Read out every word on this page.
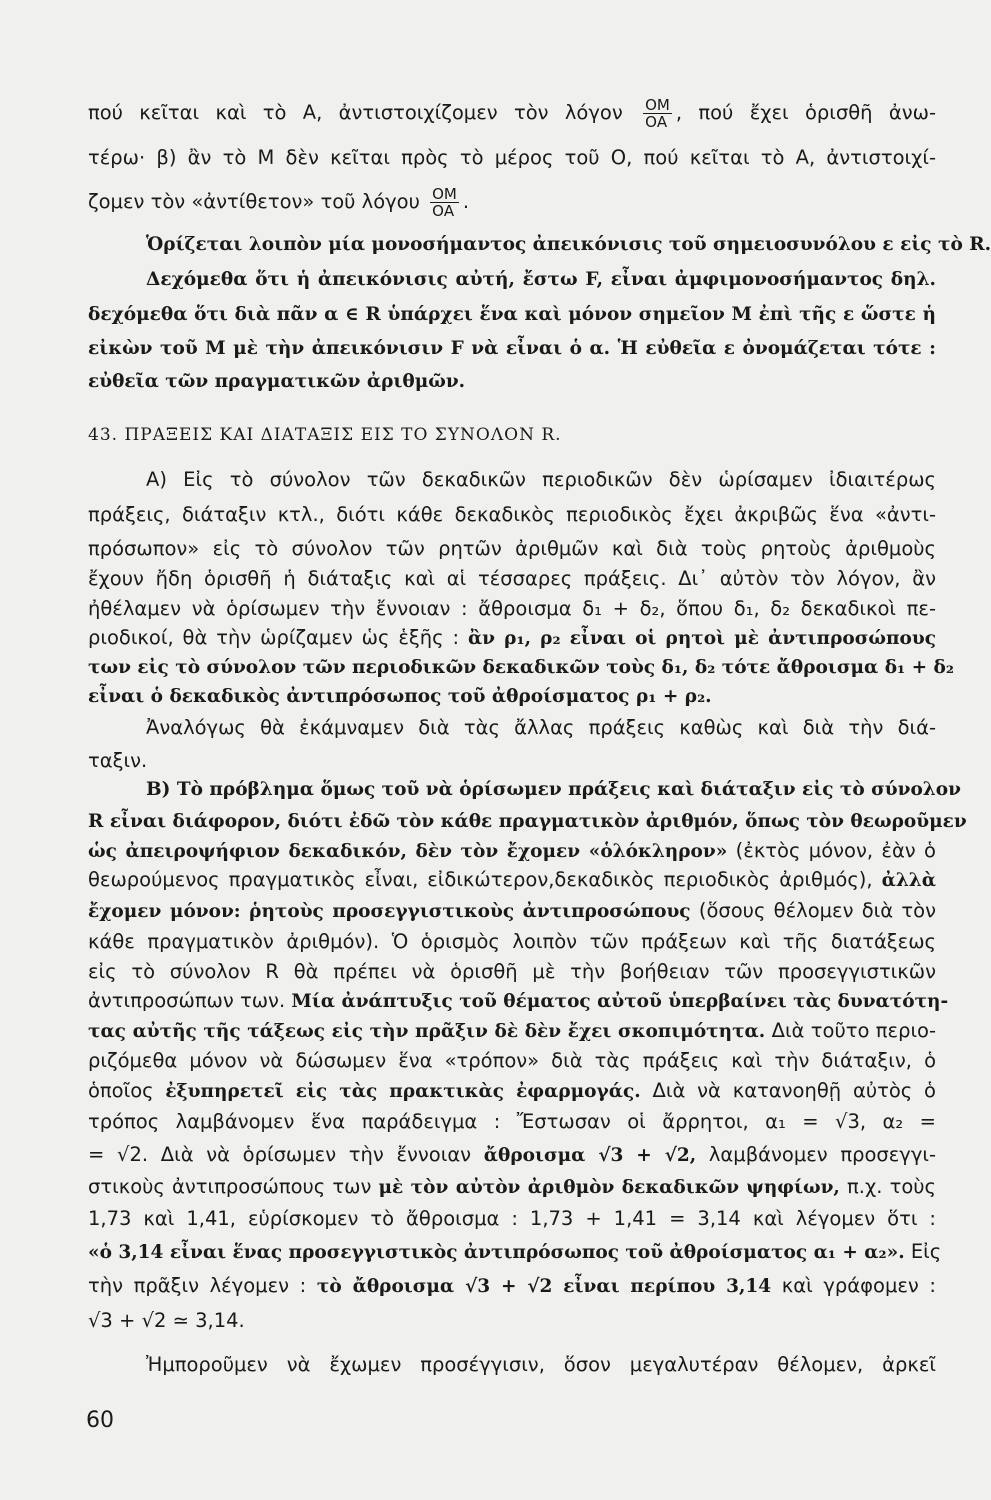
πού κεῖται καὶ τὸ Α, ἀντιστοιχίζομεν τὸν λόγον $\frac{OM}{OA}$ , πού ἔχει ὁρισθῆ ἀνω-
τέρω· β) ἂν τὸ Μ δὲν κεῖται πρὸς τὸ μέρος τοῦ Ο, πού κεῖται τὸ Α, ἀντιστοιχί-
ζομεν τὸν «ἀντίθετον» τοῦ λόγου $\frac{OM}{OA}$ .
Ὁρίζεται λοιπὸν μία μονοσήμαντος ἀπεικόνισις τοῦ σημειοσυνόλου ε εἰς τὸ R.
Δεχόμεθα ὅτι ἡ ἀπεικόνισις αὐτή, ἔστω F, εἶναι ἀμφιμονοσήμαντος δηλ.
δεχόμεθα ὅτι διὰ πᾶν α ∈ R ὑπάρχει ἕνα καὶ μόνον σημεῖον Μ ἐπὶ τῆς ε ὥστε ἡ
εἰκὼν τοῦ Μ μὲ τὴν ἀπεικόνισιν F νὰ εἶναι ὁ α. Ἡ εὐθεῖα ε ὀνομάζεται τότε :
εὐθεῖα τῶν πραγματικῶν ἀριθμῶν.
43. ΠΡΑΞΕΙΣ ΚΑΙ ΔΙΑΤΑΞΙΣ ΕΙΣ ΤΟ ΣΥΝΟΛΟΝ R.
Α) Εἰς τὸ σύνολον τῶν δεκαδικῶν περιοδικῶν δὲν ὡρίσαμεν ἰδιαιτέρως
πράξεις, διάταξιν κτλ., διότι κάθε δεκαδικὸς περιοδικὸς ἔχει ἀκριβῶς ἕνα «ἀντι-
πρόσωπον» εἰς τὸ σύνολον τῶν ρητῶν ἀριθμῶν καὶ διὰ τοὺς ρητοὺς ἀριθμοὺς
ἔχουν ἤδη ὁρισθῆ ἡ διάταξις καὶ αἱ τέσσαρες πράξεις. Δι᾽ αὐτὸν τὸν λόγον, ἂν
ἠθέλαμεν νὰ ὁρίσωμεν τὴν ἔννοιαν : ἄθροισμα δ₁ + δ₂, ὅπου δ₁, δ₂ δεκαδικοὶ πε-
ριοδικοί, θὰ τὴν ὡρίζαμεν ὡς ἑξῆς : ἂν ρ₁, ρ₂ εἶναι οἱ ρητοὶ μὲ ἀντιπροσώπους
των εἰς τὸ σύνολον τῶν περιοδικῶν δεκαδικῶν τοὺς δ₁, δ₂ τότε ἄθροισμα δ₁ + δ₂
εἶναι ὁ δεκαδικὸς ἀντιπρόσωπος τοῦ ἀθροίσματος ρ₁ + ρ₂.
Ἀναλόγως θὰ ἐκάμναμεν διὰ τὰς ἄλλας πράξεις καθὼς καὶ διὰ τὴν διά-
ταξιν.
Β) Τὸ πρόβλημα ὅμως τοῦ νὰ ὁρίσωμεν πράξεις καὶ διάταξιν εἰς τὸ σύνολον
R εἶναι διάφορον, διότι ἐδῶ τὸν κάθε πραγματικὸν ἀριθμόν, ὅπως τὸν θεωροῦμεν
ὡς ἀπειροψήφιον δεκαδικόν, δὲν τὸν ἔχομεν «ὁλόκληρον» (ἐκτὸς μόνον, ἐὰν ὁ
θεωρούμενος πραγματικὸς εἶναι, εἰδικώτερον,δεκαδικὸς περιοδικὸς ἀριθμός), ἀλλὰ
ἔχομεν μόνον: ῥητοὺς προσεγγιστικοὺς ἀντιπροσώπους (ὅσους θέλομεν διὰ τὸν
κάθε πραγματικὸν ἀριθμόν). Ὁ ὁρισμὸς λοιπὸν τῶν πράξεων καὶ τῆς διατάξεως
εἰς τὸ σύνολον R θὰ πρέπει νὰ ὁρισθῆ μὲ τὴν βοήθειαν τῶν προσεγγιστικῶν
ἀντιπροσώπων των. Μία ἀνάπτυξις τοῦ θέματος αὐτοῦ ὑπερβαίνει τὰς δυνατότη-
τας αὐτῆς τῆς τάξεως εἰς τὴν πρᾶξιν δὲ δὲν ἔχει σκοπιμότητα. Διὰ τοῦτο περιο-
ριζόμεθα μόνον νὰ δώσωμεν ἕνα «τρόπον» διὰ τὰς πράξεις καὶ τὴν διάταξιν, ὁ
ὁποῖος ἐξυπηρετεῖ εἰς τὰς πρακτικὰς ἐφαρμογάς. Διὰ νὰ κατανοηθῇ αὐτὸς ὁ
τρόπος λαμβάνομεν ἕνα παράδειγμα : Ἔστωσαν οἱ ἄρρητοι, α₁ = √3, α₂ =
= √2. Διὰ νὰ ὁρίσωμεν τὴν ἔννοιαν ἄθροισμα √3 + √2, λαμβάνομεν προσεγγι-
στικοὺς ἀντιπροσώπους των μὲ τὸν αὐτὸν ἀριθμὸν δεκαδικῶν ψηφίων, π.χ. τοὺς
1,73 καὶ 1,41, εὑρίσκομεν τὸ ἄθροισμα : 1,73 + 1,41 = 3,14 καὶ λέγομεν ὅτι :
«ὁ 3,14 εἶναι ἕνας προσεγγιστικὸς ἀντιπρόσωπος τοῦ ἀθροίσματος α₁ + α₂». Εἰς
τὴν πρᾶξιν λέγομεν : τὸ ἄθροισμα √3 + √2 εἶναι περίπου 3,14 καὶ γράφομεν :
√3 + √2 ≃ 3,14.
Ἠμποροῦμεν νὰ ἔχωμεν προσέγγισιν, ὅσον μεγαλυτέραν θέλομεν, ἀρκεῖ
60
